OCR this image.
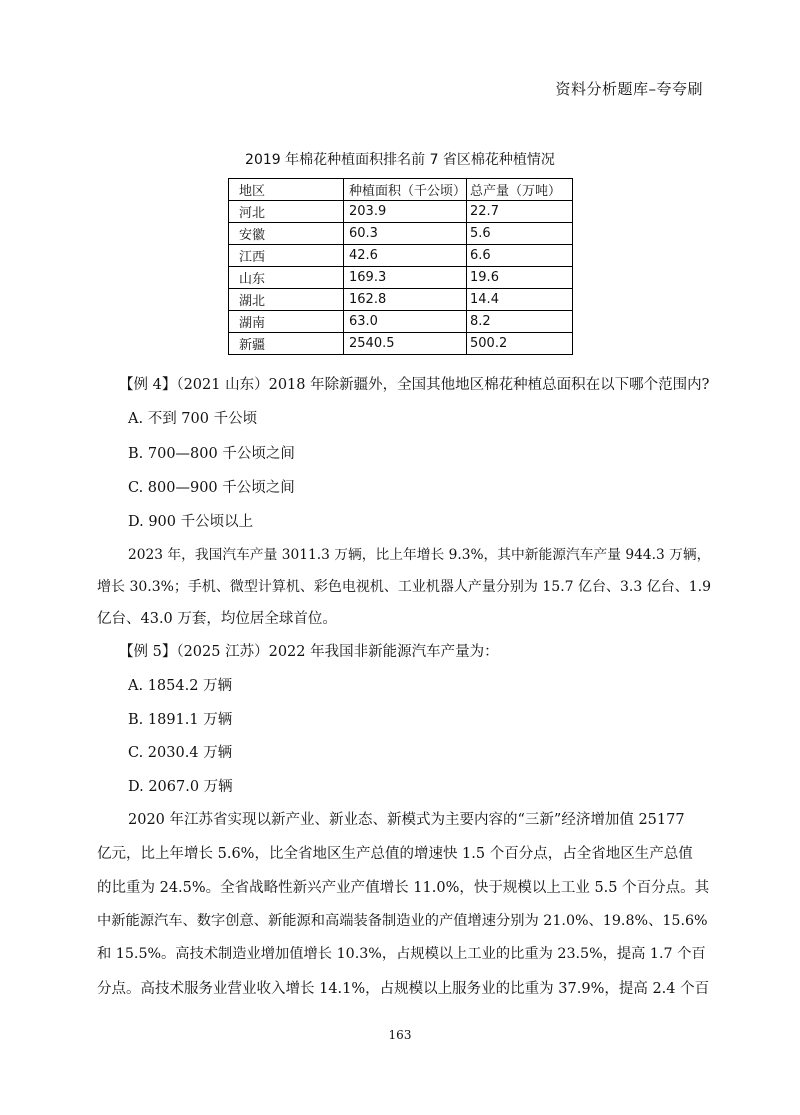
资料分析题库–夸夸刷
2019 年棉花种植面积排名前 7 省区棉花种植情况
地区	种植面积（千公顷）	总产量（万吨）
河北	203.9	22.7
安徽	60.3	5.6
江西	42.6	6.6
山东	169.3	19.6
湖北	162.8	14.4
湖南	63.0	8.2
新疆	2540.5	500.2
【例 4】（2021 山东）2018 年除新疆外，全国其他地区棉花种植总面积在以下哪个范围内?
A. 不到 700 千公顷
B. 700—800 千公顷之间
C. 800—900 千公顷之间
D. 900 千公顷以上
2023 年，我国汽车产量 3011.3 万辆，比上年增长 9.3%，其中新能源汽车产量 944.3 万辆，
增长 30.3%；手机、微型计算机、彩色电视机、工业机器人产量分别为 15.7 亿台、3.3 亿台、1.9
亿台、43.0 万套，均位居全球首位。
【例 5】（2025 江苏）2022 年我国非新能源汽车产量为：
A. 1854.2 万辆
B. 1891.1 万辆
C. 2030.4 万辆
D. 2067.0 万辆
2020 年江苏省实现以新产业、新业态、新模式为主要内容的“三新”经济增加值 25177
亿元，比上年增长 5.6%，比全省地区生产总值的增速快 1.5 个百分点，占全省地区生产总值
的比重为 24.5%。全省战略性新兴产业产值增长 11.0%，快于规模以上工业 5.5 个百分点。其
中新能源汽车、数字创意、新能源和高端装备制造业的产值增速分别为 21.0%、19.8%、15.6%
和 15.5%。高技术制造业增加值增长 10.3%，占规模以上工业的比重为 23.5%，提高 1.7 个百
分点。高技术服务业营业收入增长 14.1%，占规模以上服务业的比重为 37.9%，提高 2.4 个百
163
